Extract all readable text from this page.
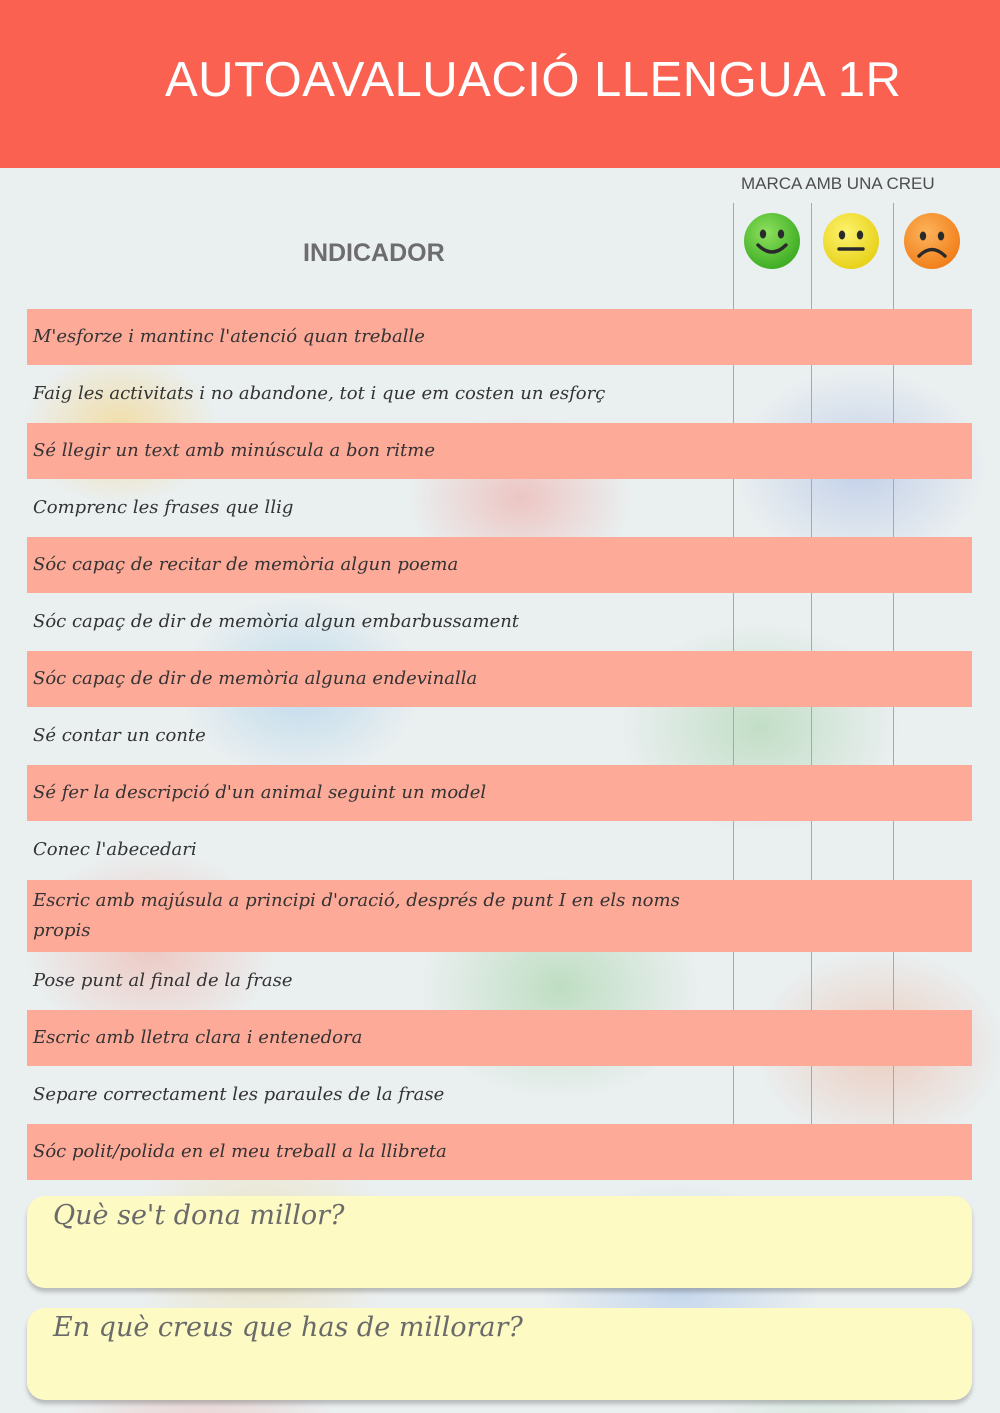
AUTOAVALUACIÓ LLENGUA 1R
MARCA AMB UNA CREU
INDICADOR
M'esforze i mantinc l'atenció quan treballe
Faig les activitats i no abandone, tot i que em costen un esforç
Sé llegir un text amb minúscula a bon ritme
Comprenc les frases que llig
Sóc capaç de recitar de memòria algun poema
Sóc capaç de dir de memòria algun embarbussament
Sóc capaç de dir de memòria alguna endevinalla
Sé contar un conte
Sé fer la descripció d'un animal seguint un model
Conec l'abecedari
Escric amb majúsula a principi d'oració, després de punt I en els noms propis
Pose punt al final de la frase
Escric amb lletra clara i entenedora
Separe correctament les paraules de la frase
Sóc polit/polida en el meu treball a la llibreta
Què se't dona millor?
En què creus que has de millorar?
